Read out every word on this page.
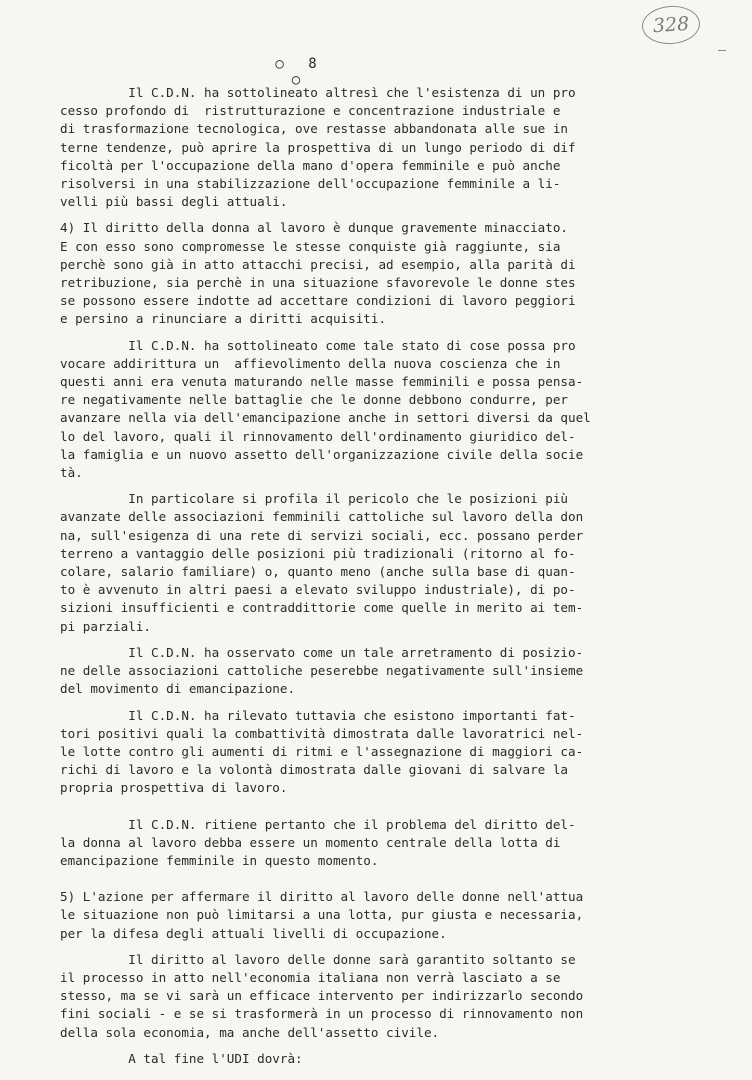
328
○ 8 ○

Il C.D.N. ha sottolineato altresì che l'esistenza di un pro
cesso profondo di  ristrutturazione e concentrazione industriale e
di trasformazione tecnologica, ove restasse abbandonata alle sue in
terne tendenze, può aprire la prospettiva di un lungo periodo di dif
ficoltà per l'occupazione della mano d'opera femminile e può anche
risolversi in una stabilizzazione dell'occupazione femminile a li-
velli più bassi degli attuali.

4) Il diritto della donna al lavoro è dunque gravemente minacciato.
E con esso sono compromesse le stesse conquiste già raggiunte, sia
perchè sono già in atto attacchi precisi, ad esempio, alla parità di
retribuzione, sia perchè in una situazione sfavorevole le donne stes
se possono essere indotte ad accettare condizioni di lavoro peggiori
e persino a rinunciare a diritti acquisiti.

Il C.D.N. ha sottolineato come tale stato di cose possa pro
vocare addirittura un  affievolimento della nuova coscienza che in
questi anni era venuta maturando nelle masse femminili e possa pensa-
re negativamente nelle battaglie che le donne debbono condurre, per
avanzare nella via dell'emancipazione anche in settori diversi da quel
lo del lavoro, quali il rinnovamento dell'ordinamento giuridico del-
la famiglia e un nuovo assetto dell'organizzazione civile della socie
tà.

In particolare si profila il pericolo che le posizioni più
avanzate delle associazioni femminili cattoliche sul lavoro della don
na, sull'esigenza di una rete di servizi sociali, ecc. possano perder
terreno a vantaggio delle posizioni più tradizionali (ritorno al fo-
colare, salario familiare) o, quanto meno (anche sulla base di quan-
to è avvenuto in altri paesi a elevato sviluppo industriale), di po-
sizioni insufficienti e contraddittorie come quelle in merito ai tem-
pi parziali.

Il C.D.N. ha osservato come un tale arretramento di posizio-
ne delle associazioni cattoliche peserebbe negativamente sull'insieme
del movimento di emancipazione.

Il C.D.N. ha rilevato tuttavia che esistono importanti fat-
tori positivi quali la combattività dimostrata dalle lavoratrici nel-
le lotte contro gli aumenti di ritmi e l'assegnazione di maggiori ca-
richi di lavoro e la volontà dimostrata dalle giovani di salvare la
propria prospettiva di lavoro.

Il C.D.N. ritiene pertanto che il problema del diritto del-
la donna al lavoro debba essere un momento centrale della lotta di
emancipazione femminile in questo momento.

5) L'azione per affermare il diritto al lavoro delle donne nell'attua
le situazione non può limitarsi a una lotta, pur giusta e necessaria,
per la difesa degli attuali livelli di occupazione.

Il diritto al lavoro delle donne sarà garantito soltanto se
il processo in atto nell'economia italiana non verrà lasciato a se
stesso, ma se vi sarà un efficace intervento per indirizzarlo secondo
fini sociali - e se si trasformerà in un processo di rinnovamento non
della sola economia, ma anche dell'assetto civile.

A tal fine l'UDI dovrà:
